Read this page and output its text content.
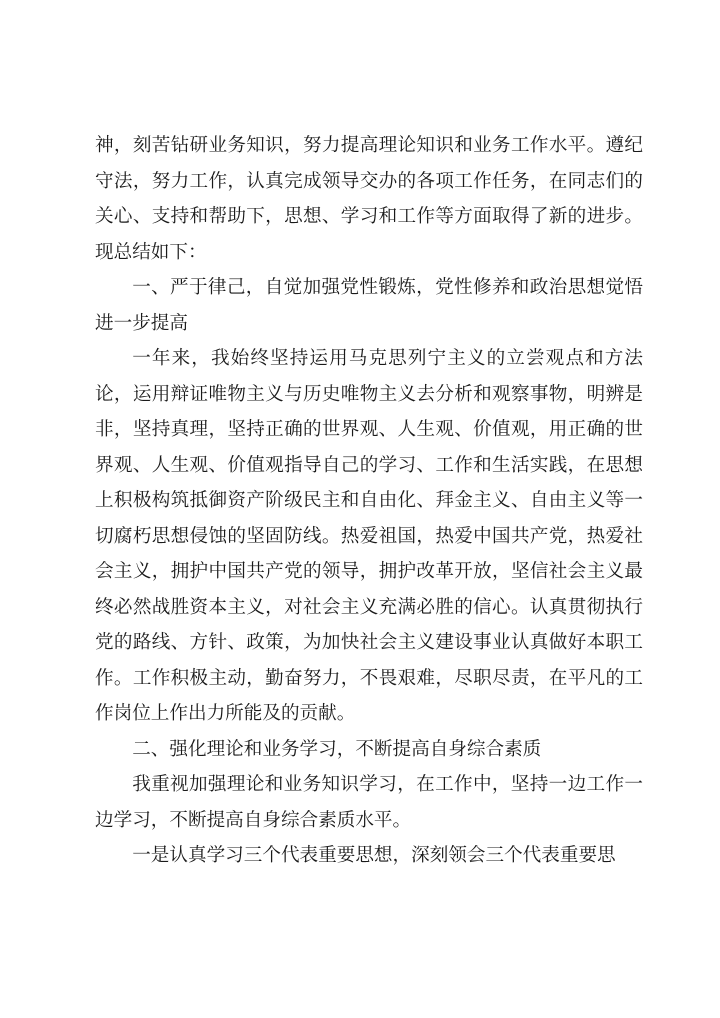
神，刻苦钻研业务知识，努力提高理论知识和业务工作水平。遵纪守法，努力工作，认真完成领导交办的各项工作任务，在同志们的关心、支持和帮助下，思想、学习和工作等方面取得了新的进步。现总结如下：

一、严于律己，自觉加强党性锻炼，党性修养和政治思想觉悟进一步提高

一年来，我始终坚持运用马克思列宁主义的立尝观点和方法论，运用辩证唯物主义与历史唯物主义去分析和观察事物，明辨是非，坚持真理，坚持正确的世界观、人生观、价值观，用正确的世界观、人生观、价值观指导自己的学习、工作和生活实践，在思想上积极构筑抵御资产阶级民主和自由化、拜金主义、自由主义等一切腐朽思想侵蚀的坚固防线。热爱祖国，热爱中国共产党，热爱社会主义，拥护中国共产党的领导，拥护改革开放，坚信社会主义最终必然战胜资本主义，对社会主义充满必胜的信心。认真贯彻执行党的路线、方针、政策，为加快社会主义建设事业认真做好本职工作。工作积极主动，勤奋努力，不畏艰难，尽职尽责，在平凡的工作岗位上作出力所能及的贡献。

二、强化理论和业务学习，不断提高自身综合素质

我重视加强理论和业务知识学习，在工作中，坚持一边工作一边学习，不断提高自身综合素质水平。

一是认真学习三个代表重要思想，深刻领会三个代表重要思
